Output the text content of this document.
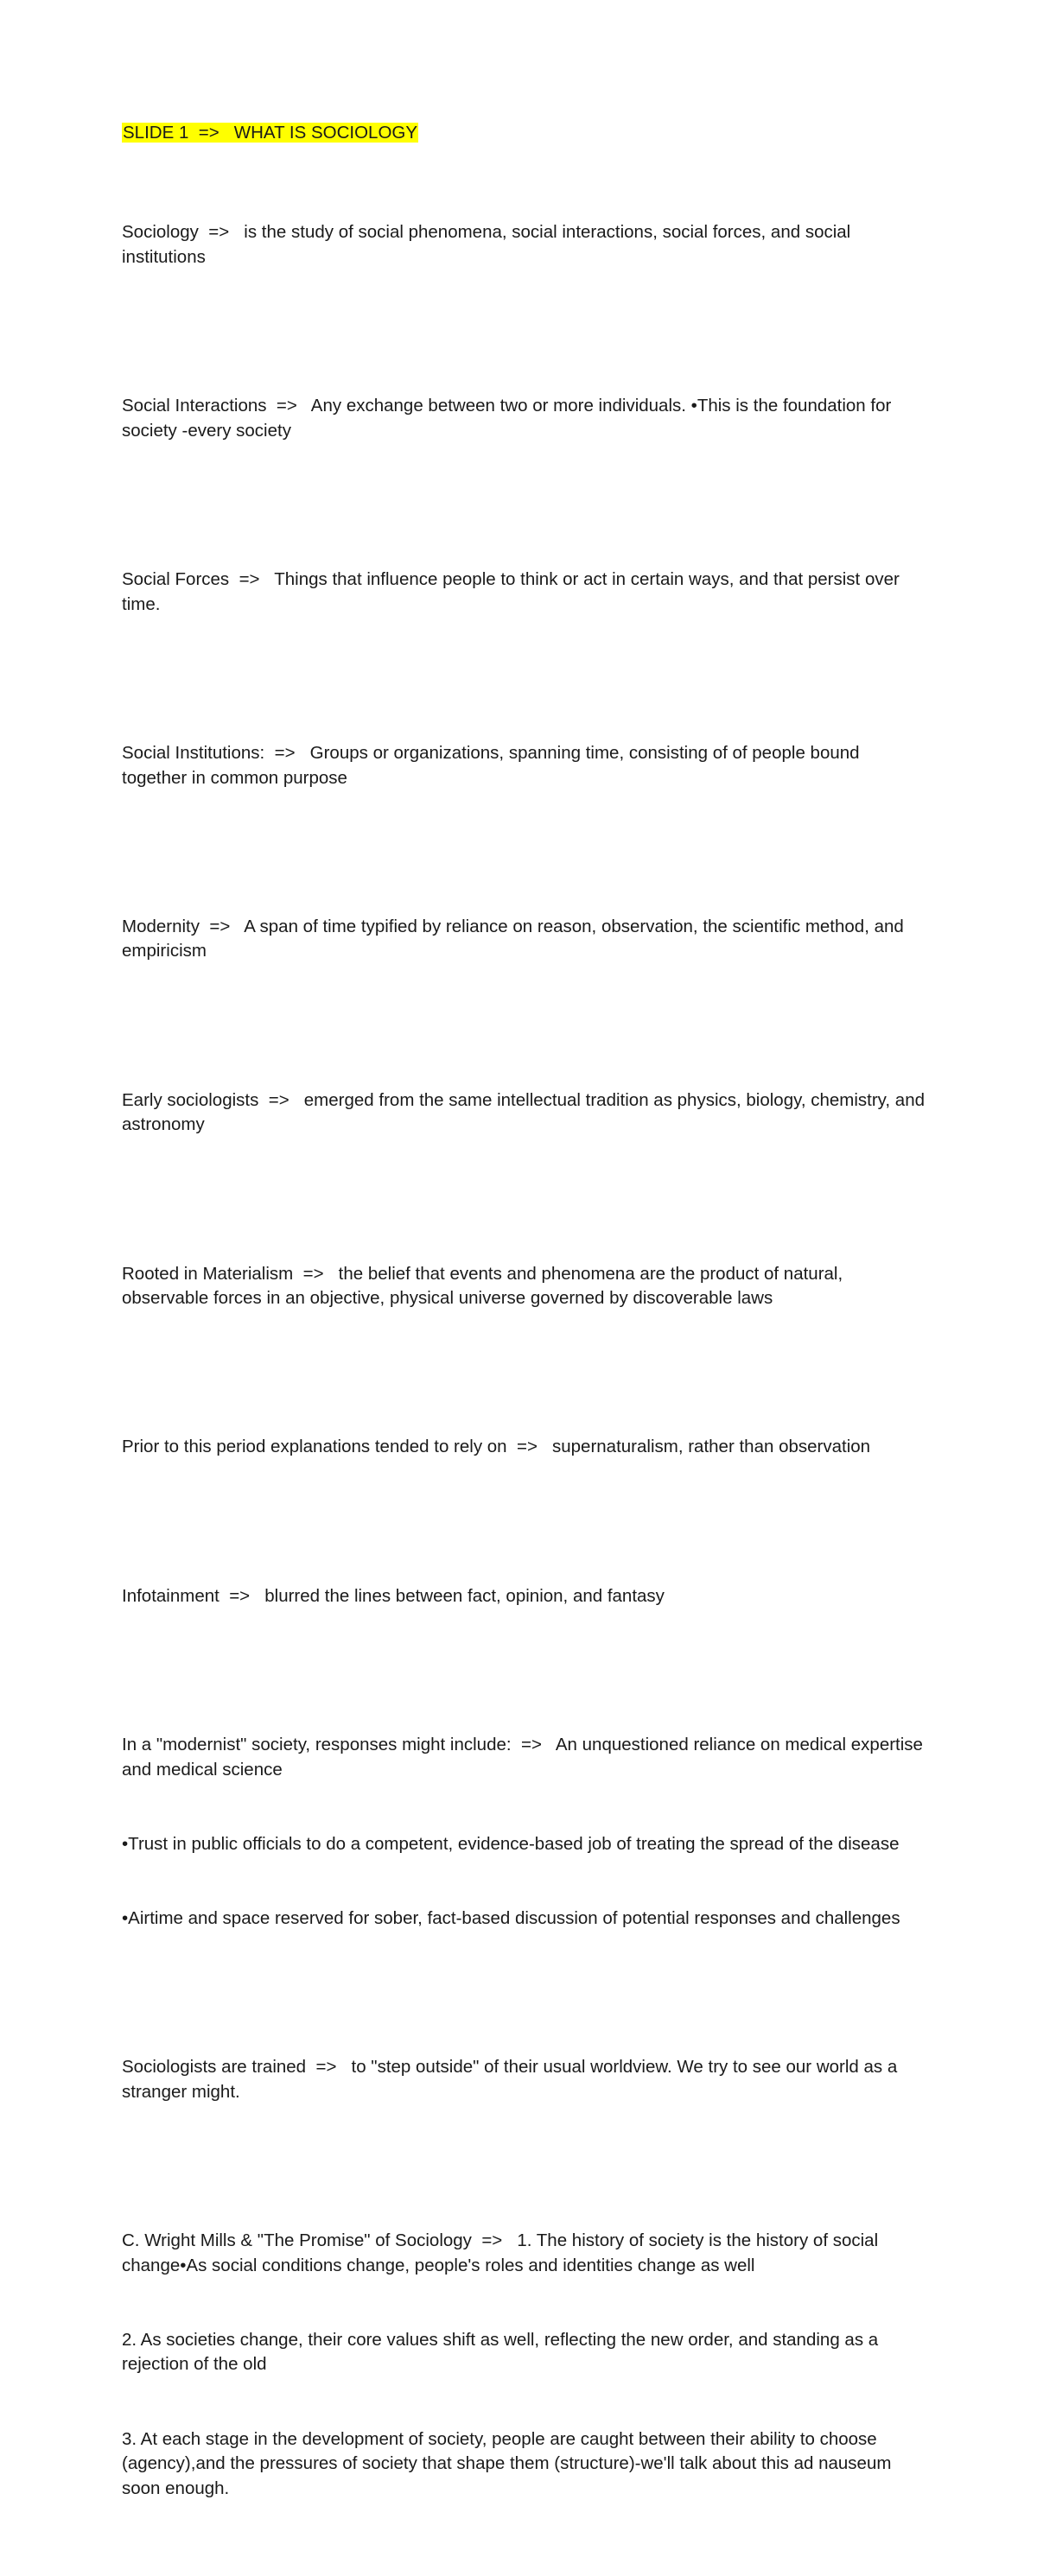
SLIDE 1  =>   WHAT IS SOCIOLOGY

Sociology  =>   is the study of social phenomena, social interactions, social forces, and social institutions

Social Interactions  =>   Any exchange between two or more individuals. •This is the foundation for society -every society

Social Forces  =>   Things that influence people to think or act in certain ways, and that persist over time.

Social Institutions:  =>   Groups or organizations, spanning time, consisting of of people bound together in common purpose

Modernity  =>   A span of time typified by reliance on reason, observation, the scientific method, and empiricism

Early sociologists  =>   emerged from the same intellectual tradition as physics, biology, chemistry, and astronomy

Rooted in Materialism  =>   the belief that events and phenomena are the product of natural, observable forces in an objective, physical universe governed by discoverable laws

Prior to this period explanations tended to rely on  =>   supernaturalism, rather than observation

Infotainment  =>   blurred the lines between fact, opinion, and fantasy

In a "modernist" society, responses might include:  =>   An unquestioned reliance on medical expertise and medical science

•Trust in public officials to do a competent, evidence-based job of treating the spread of the disease

•Airtime and space reserved for sober, fact-based discussion of potential responses and challenges

Sociologists are trained  =>   to "step outside" of their usual worldview. We try to see our world as a stranger might.

C. Wright Mills & "The Promise" of Sociology  =>   1. The history of society is the history of social change•As social conditions change, people's roles and identities change as well

2. As societies change, their core values shift as well, reflecting the new order, and standing as a rejection of the old

3. At each stage in the development of society, people are caught between their ability to choose (agency),and the pressures of society that shape them (structure)-we'll talk about this ad nauseum soon enough.
